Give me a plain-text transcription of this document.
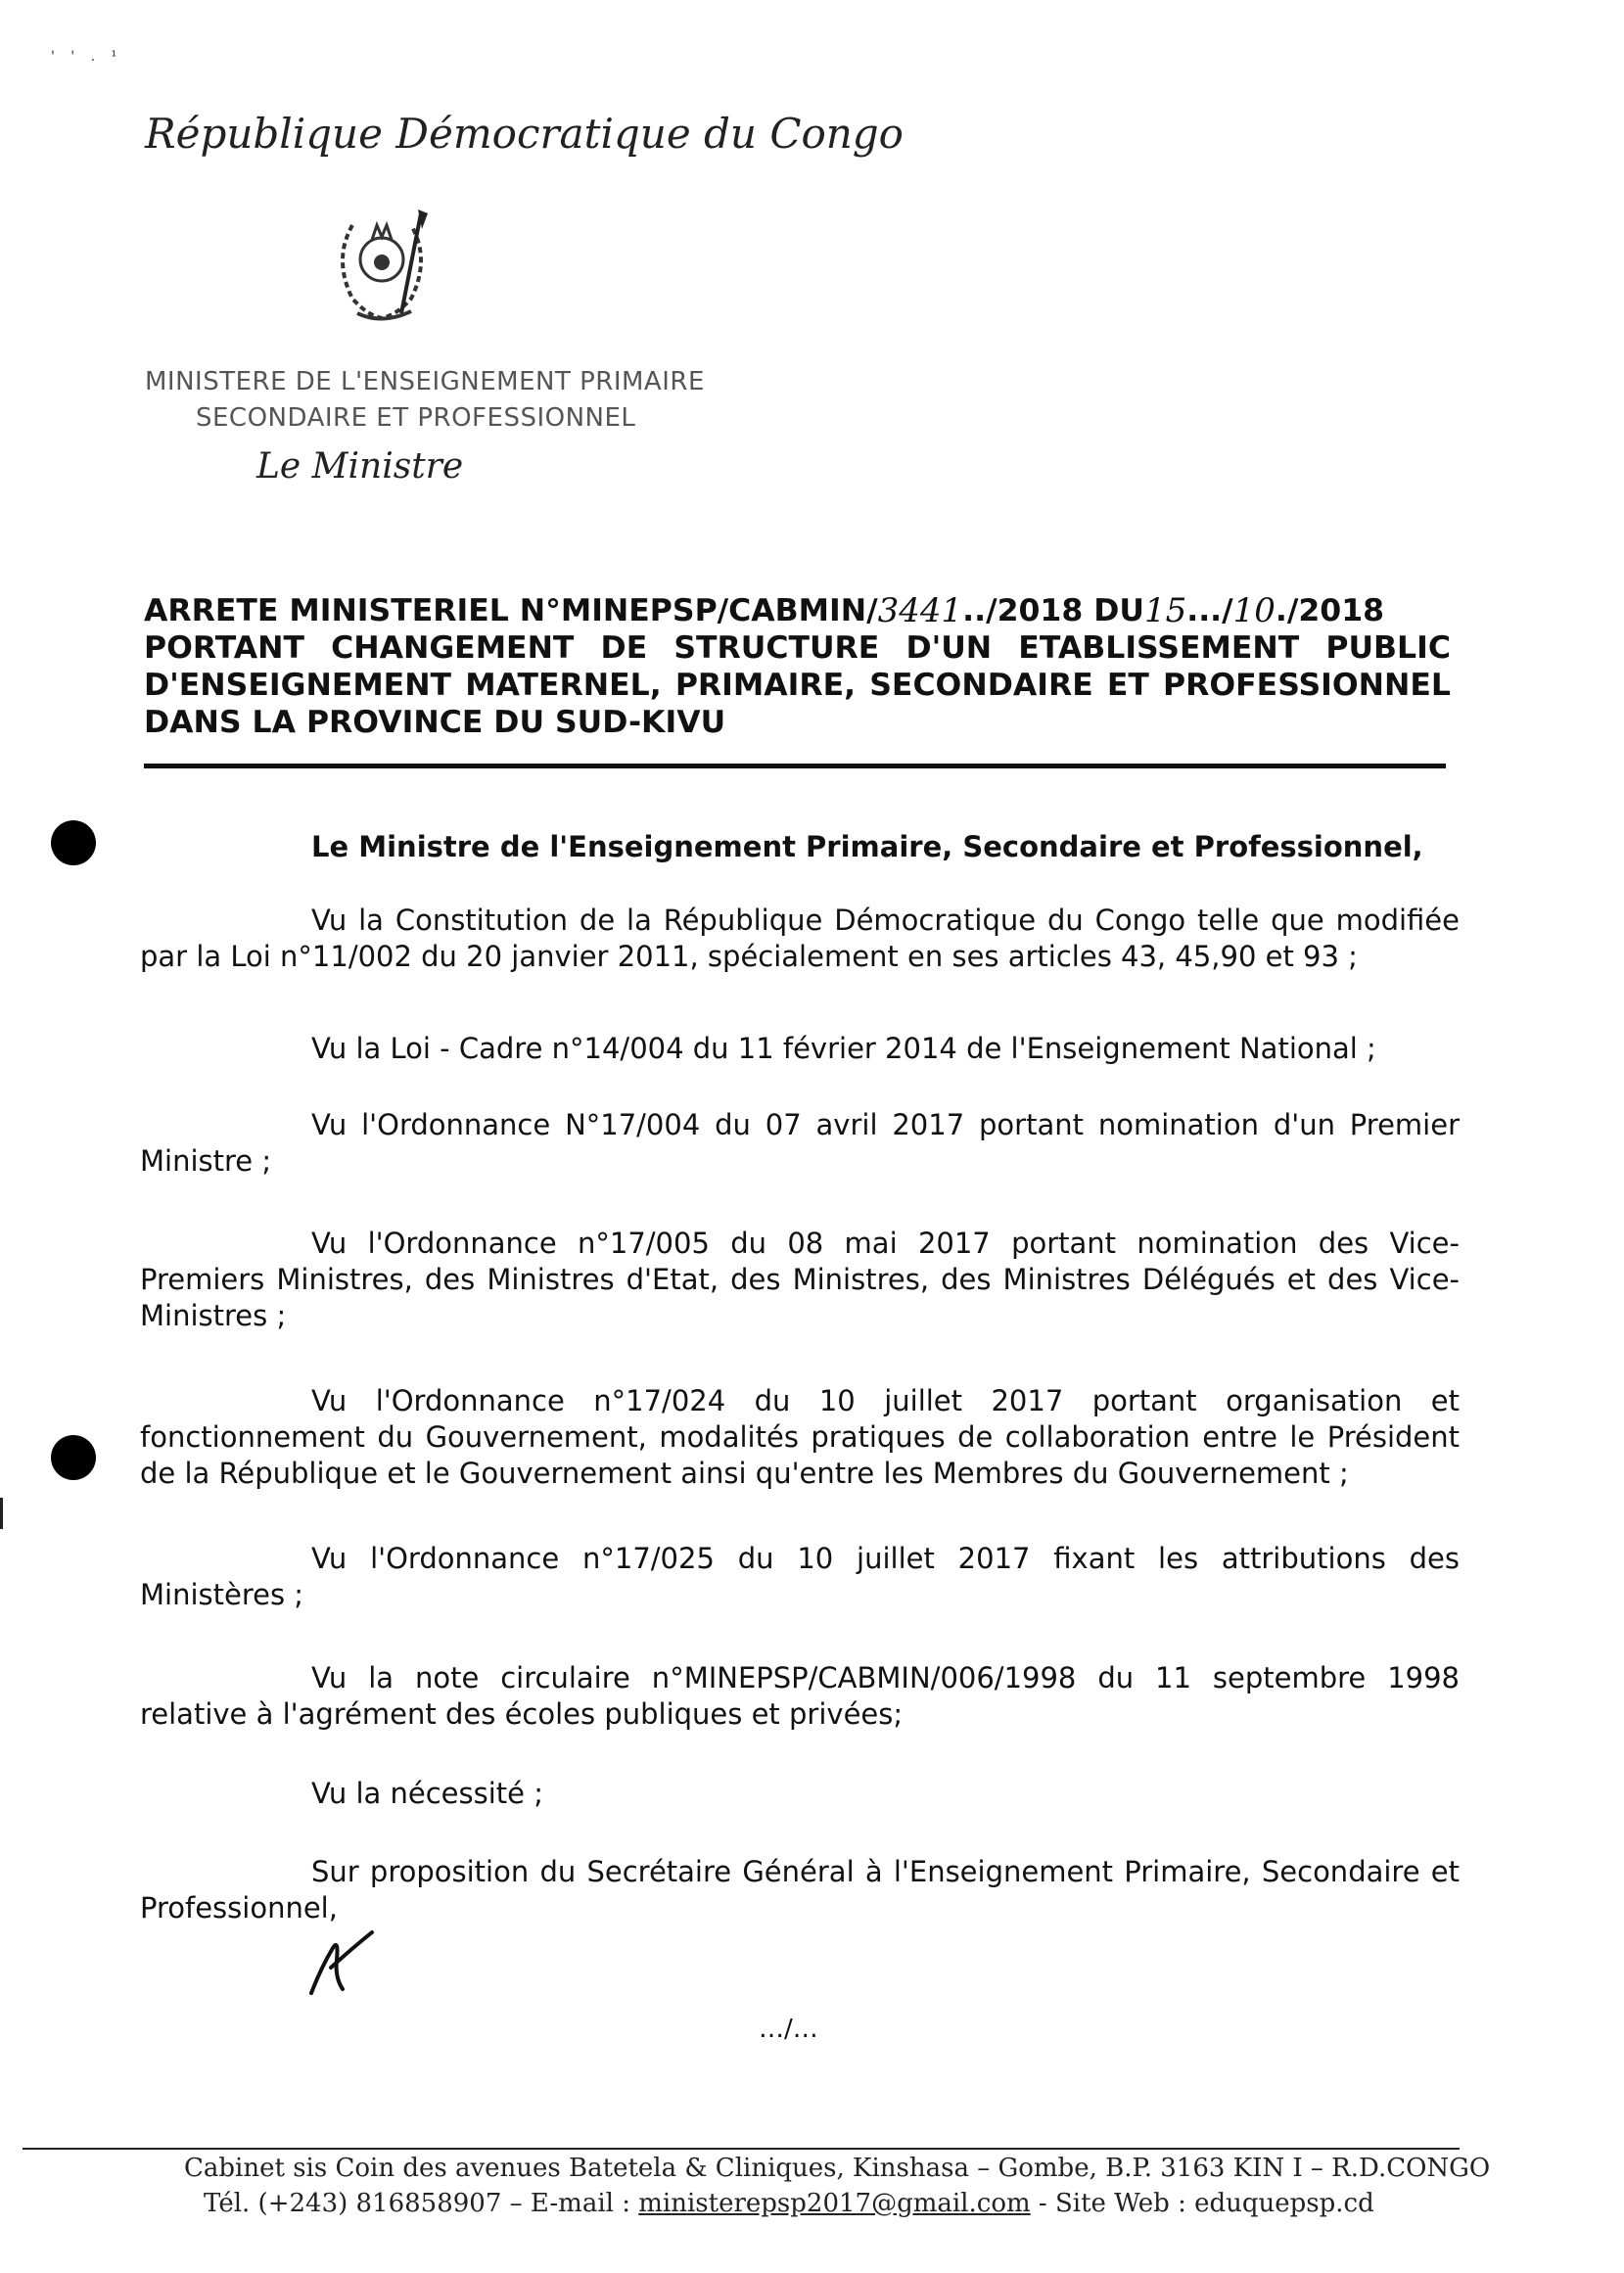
' ' . ¹
République Démocratique du Congo
MINISTERE DE L'ENSEIGNEMENT PRIMAIRE
SECONDAIRE ET PROFESSIONNEL
Le Ministre
ARRETE MINISTERIEL N°MINEPSP/CABMIN/ 3441 ../2018 DU 15 .../ 10 ./2018
PORTANT CHANGEMENT DE STRUCTURE D'UN ETABLISSEMENT PUBLIC
D'ENSEIGNEMENT MATERNEL, PRIMAIRE, SECONDAIRE ET PROFESSIONNEL
DANS LA PROVINCE DU SUD-KIVU
Le Ministre de l'Enseignement Primaire, Secondaire et Professionnel,

Vu la Constitution de la République Démocratique du Congo telle que modifiée par la Loi n°11/002 du 20 janvier 2011, spécialement en ses articles 43, 45,90 et 93 ;

Vu la Loi - Cadre n°14/004 du 11 février 2014 de l'Enseignement National ;

Vu l'Ordonnance N°17/004 du 07 avril 2017 portant nomination d'un Premier Ministre ;

Vu l'Ordonnance n°17/005 du 08 mai 2017 portant nomination des Vice-Premiers Ministres, des Ministres d'Etat, des Ministres, des Ministres Délégués et des Vice-Ministres ;

Vu l'Ordonnance n°17/024 du 10 juillet 2017 portant organisation et fonctionnement du Gouvernement, modalités pratiques de collaboration entre le Président de la République et le Gouvernement ainsi qu'entre les Membres du Gouvernement ;

Vu l'Ordonnance n°17/025 du 10 juillet 2017 fixant les attributions des Ministères ;

Vu la note circulaire n°MINEPSP/CABMIN/006/1998 du 11 septembre 1998 relative à l'agrément des écoles publiques et privées;

Vu la nécessité ;

Sur proposition du Secrétaire Général à l'Enseignement Primaire, Secondaire et Professionnel,

…/…
Cabinet sis Coin des avenues Batetela & Cliniques, Kinshasa – Gombe, B.P. 3163 KIN I – R.D.CONGO
Tél. (+243) 816858907 – E-mail : ministerepsp2017@gmail.com - Site Web : eduquepsp.cd
